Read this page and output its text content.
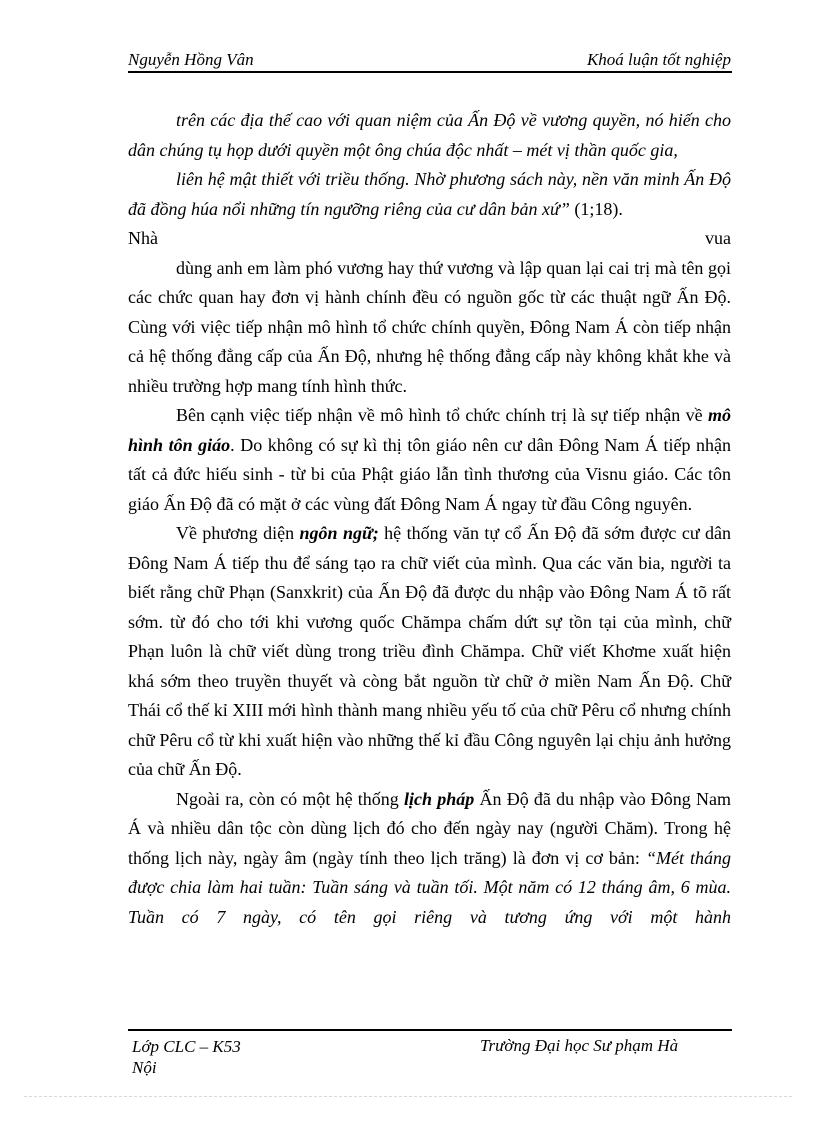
Nguyễn Hồng Vân	Khoá luận tốt nghiệp

trên các địa thế cao với quan niệm của Ấn Độ về vương quyền, nó hiến cho dân chúng tụ họp dưới quyền một ông chúa độc nhất – mét vị thần quốc gia,

liên hệ mật thiết với triều thống. Nhờ phương sách này, nền văn minh Ấn Độ đã đồng húa nổi những tín ngưỡng riêng của cư dân bản xứ” (1;18).

Nhà	vua

dùng anh em làm phó vương hay thứ vương và lập quan lại cai trị mà tên gọi các chức quan hay đơn vị hành chính đều có nguồn gốc từ các thuật ngữ Ấn Độ. Cùng với việc tiếp nhận mô hình tổ chức chính quyền, Đông Nam Á còn tiếp nhận cả hệ thống đẳng cấp của Ấn Độ, nhưng hệ thống đẳng cấp này không khắt khe và nhiều trường hợp mang tính hình thức.

Bên cạnh việc tiếp nhận về mô hình tổ chức chính trị là sự tiếp nhận về mô hình tôn giáo. Do không có sự kì thị tôn giáo nên cư dân Đông Nam Á tiếp nhận tất cả đức hiếu sinh - từ bi của Phật giáo lẫn tình thương của Visnu giáo. Các tôn giáo Ấn Độ đã có mặt ở các vùng đất Đông Nam Á ngay từ đầu Công nguyên.

Về phương diện ngôn ngữ; hệ thống văn tự cổ Ấn Độ đã sớm được cư dân Đông Nam Á tiếp thu để sáng tạo ra chữ viết của mình. Qua các văn bia, người ta biết rằng chữ Phạn (Sanxkrit) của Ấn Độ đã được du nhập vào Đông Nam Á tõ rất sớm. từ đó cho tới khi vương quốc Chămpa chấm dứt sự tồn tại của mình, chữ Phạn luôn là chữ viết dùng trong triều đình Chămpa. Chữ viết Khơme xuất hiện khá sớm theo truyền thuyết và còng bắt nguồn từ chữ ở miền Nam Ấn Độ. Chữ Thái cổ thế kỉ XIII mới hình thành mang nhiều yếu tố của chữ Pêru cổ nhưng chính chữ Pêru cổ từ khi xuất hiện vào những thế kỉ đầu Công nguyên lại chịu ảnh hưởng của chữ Ấn Độ.

Ngoài ra, còn có một hệ thống lịch pháp Ấn Độ đã du nhập vào Đông Nam Á và nhiều dân tộc còn dùng lịch đó cho đến ngày nay (người Chăm). Trong hệ thống lịch này, ngày âm (ngày tính theo lịch trăng) là đơn vị cơ bản: “Mét tháng được chia làm hai tuần: Tuần sáng và tuần tối. Một năm có 12 tháng âm, 6 mùa. Tuần có 7 ngày, có tên gọi riêng và tương ứng với một hành

Lớp CLC – K53
Nội
Trường Đại học Sư phạm Hà
